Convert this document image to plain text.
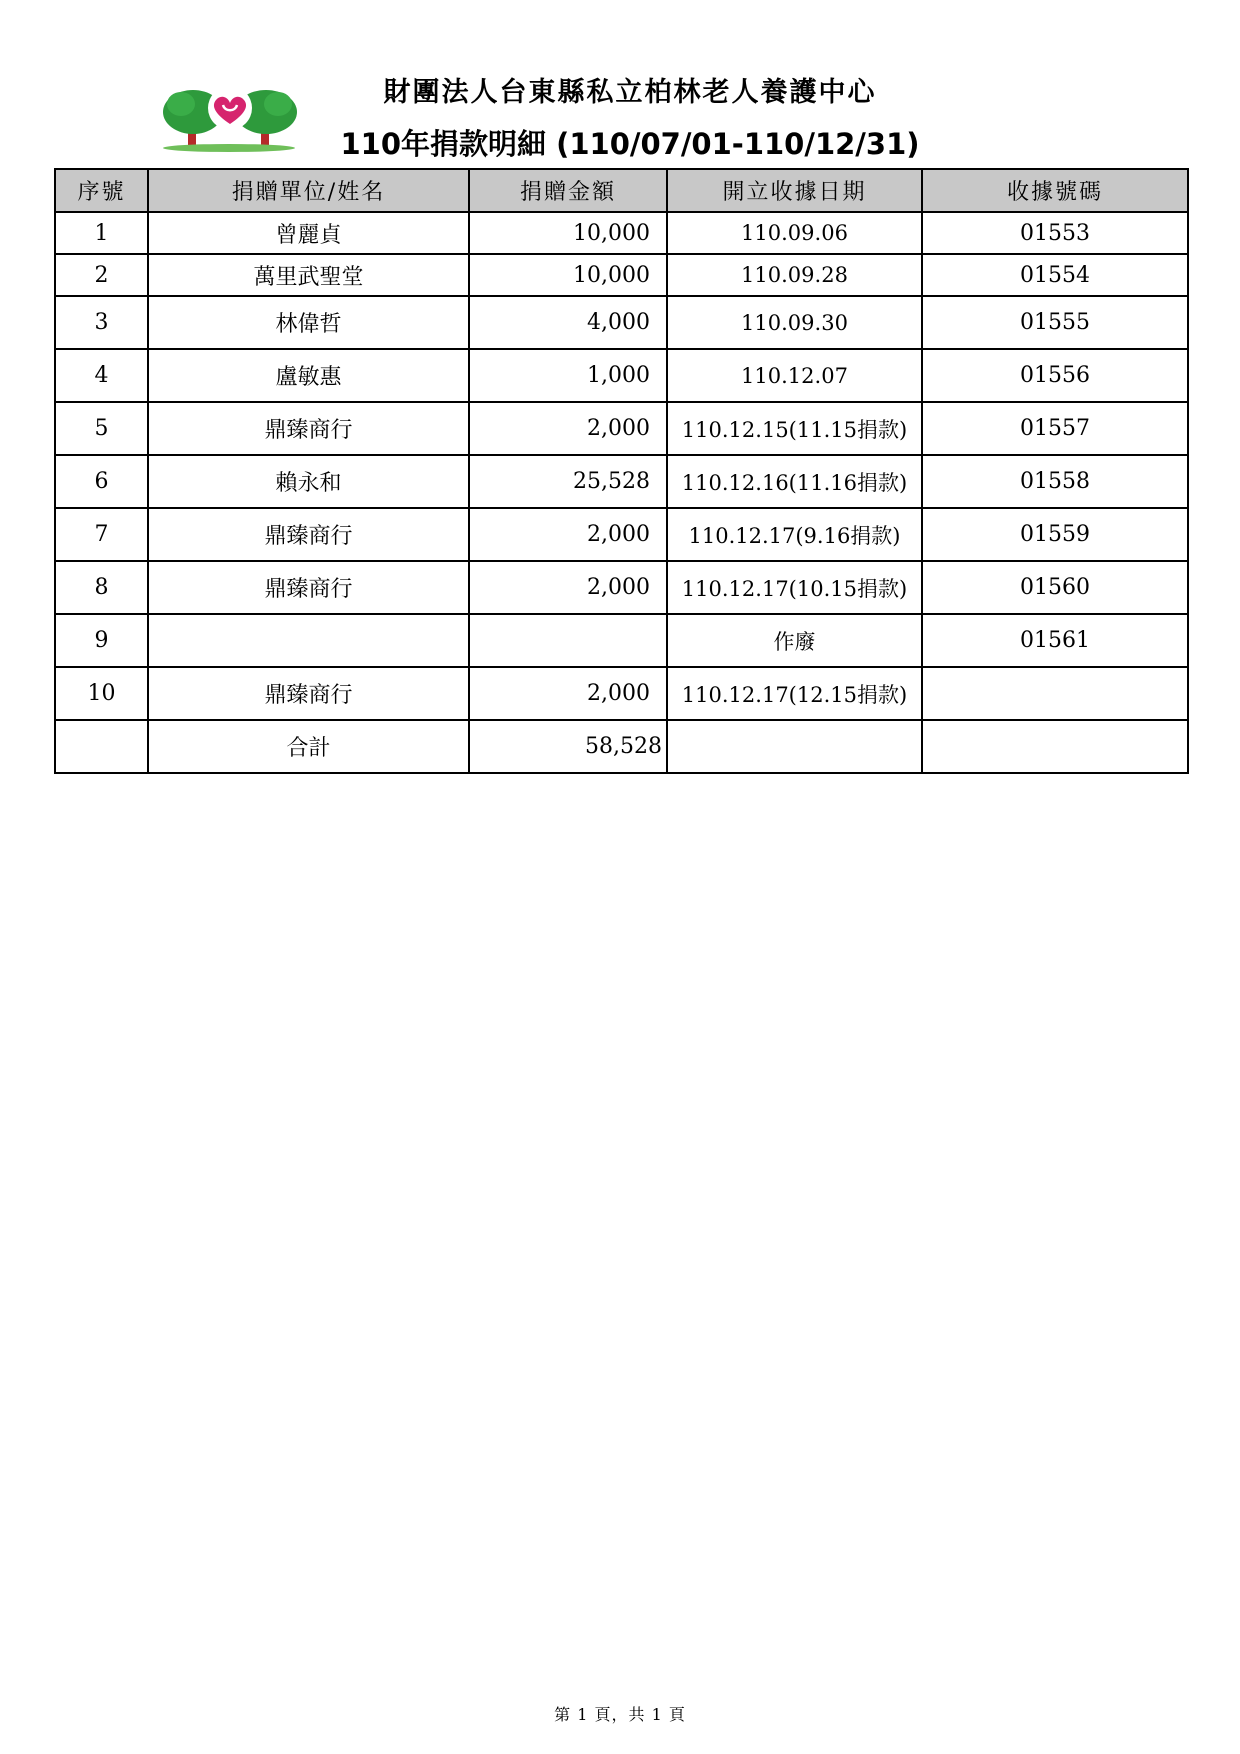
財團法人台東縣私立柏林老人養護中心
110年捐款明細 (110/07/01-110/12/31)
序號	捐贈單位/姓名	捐贈金額	開立收據日期	收據號碼
1	曾麗貞	10,000	110.09.06	01553
2	萬里武聖堂	10,000	110.09.28	01554
3	林偉哲	4,000	110.09.30	01555
4	盧敏惠	1,000	110.12.07	01556
5	鼎臻商行	2,000	110.12.15(11.15捐款)	01557
6	賴永和	25,528	110.12.16(11.16捐款)	01558
7	鼎臻商行	2,000	110.12.17(9.16捐款)	01559
8	鼎臻商行	2,000	110.12.17(10.15捐款)	01560
9			作廢	01561
10	鼎臻商行	2,000	110.12.17(12.15捐款)	
	合計	58,528		
第 1 頁，共 1 頁
